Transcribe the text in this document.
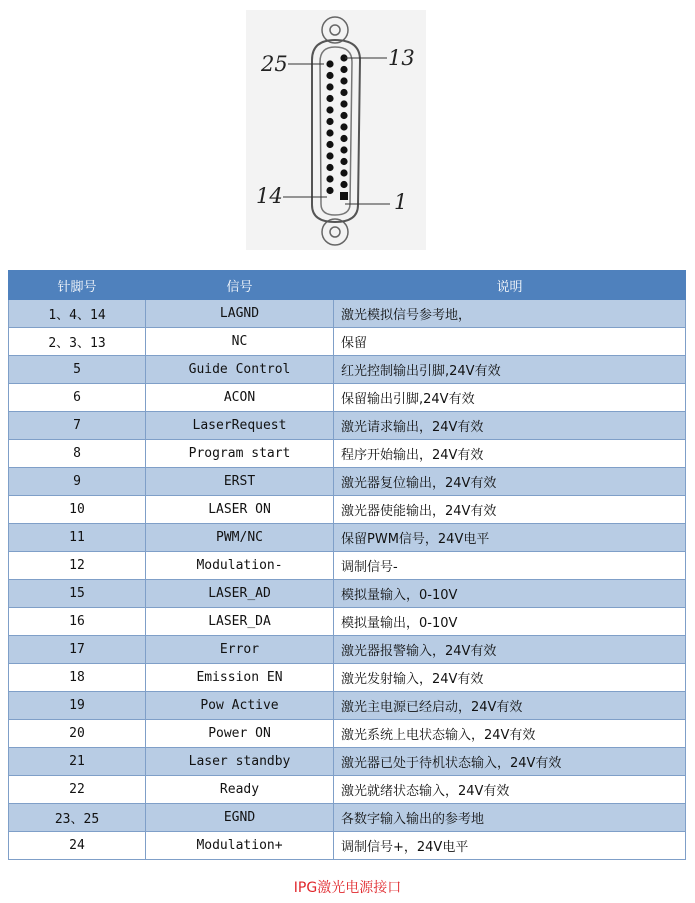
25	13
14	1
针脚号	信号	说明
1、4、14	LAGND	激光模拟信号参考地，
2、3、13	NC	保留
5	Guide Control	红光控制输出引脚,24V有效
6	ACON	保留输出引脚,24V有效
7	LaserRequest	激光请求输出，24V有效
8	Program start	程序开始输出，24V有效
9	ERST	激光器复位输出，24V有效
10	LASER ON	激光器使能输出，24V有效
11	PWM/NC	保留PWM信号，24V电平
12	Modulation-	调制信号-
15	LASER_AD	模拟量输入，0-10V
16	LASER_DA	模拟量输出，0-10V
17	Error	激光器报警输入，24V有效
18	Emission EN	激光发射输入，24V有效
19	Pow Active	激光主电源已经启动，24V有效
20	Power ON	激光系统上电状态输入，24V有效
21	Laser standby	激光器已处于待机状态输入，24V有效
22	Ready	激光就绪状态输入，24V有效
23、25	EGND	各数字输入输出的参考地
24	Modulation+	调制信号+，24V电平
IPG激光电源接口
